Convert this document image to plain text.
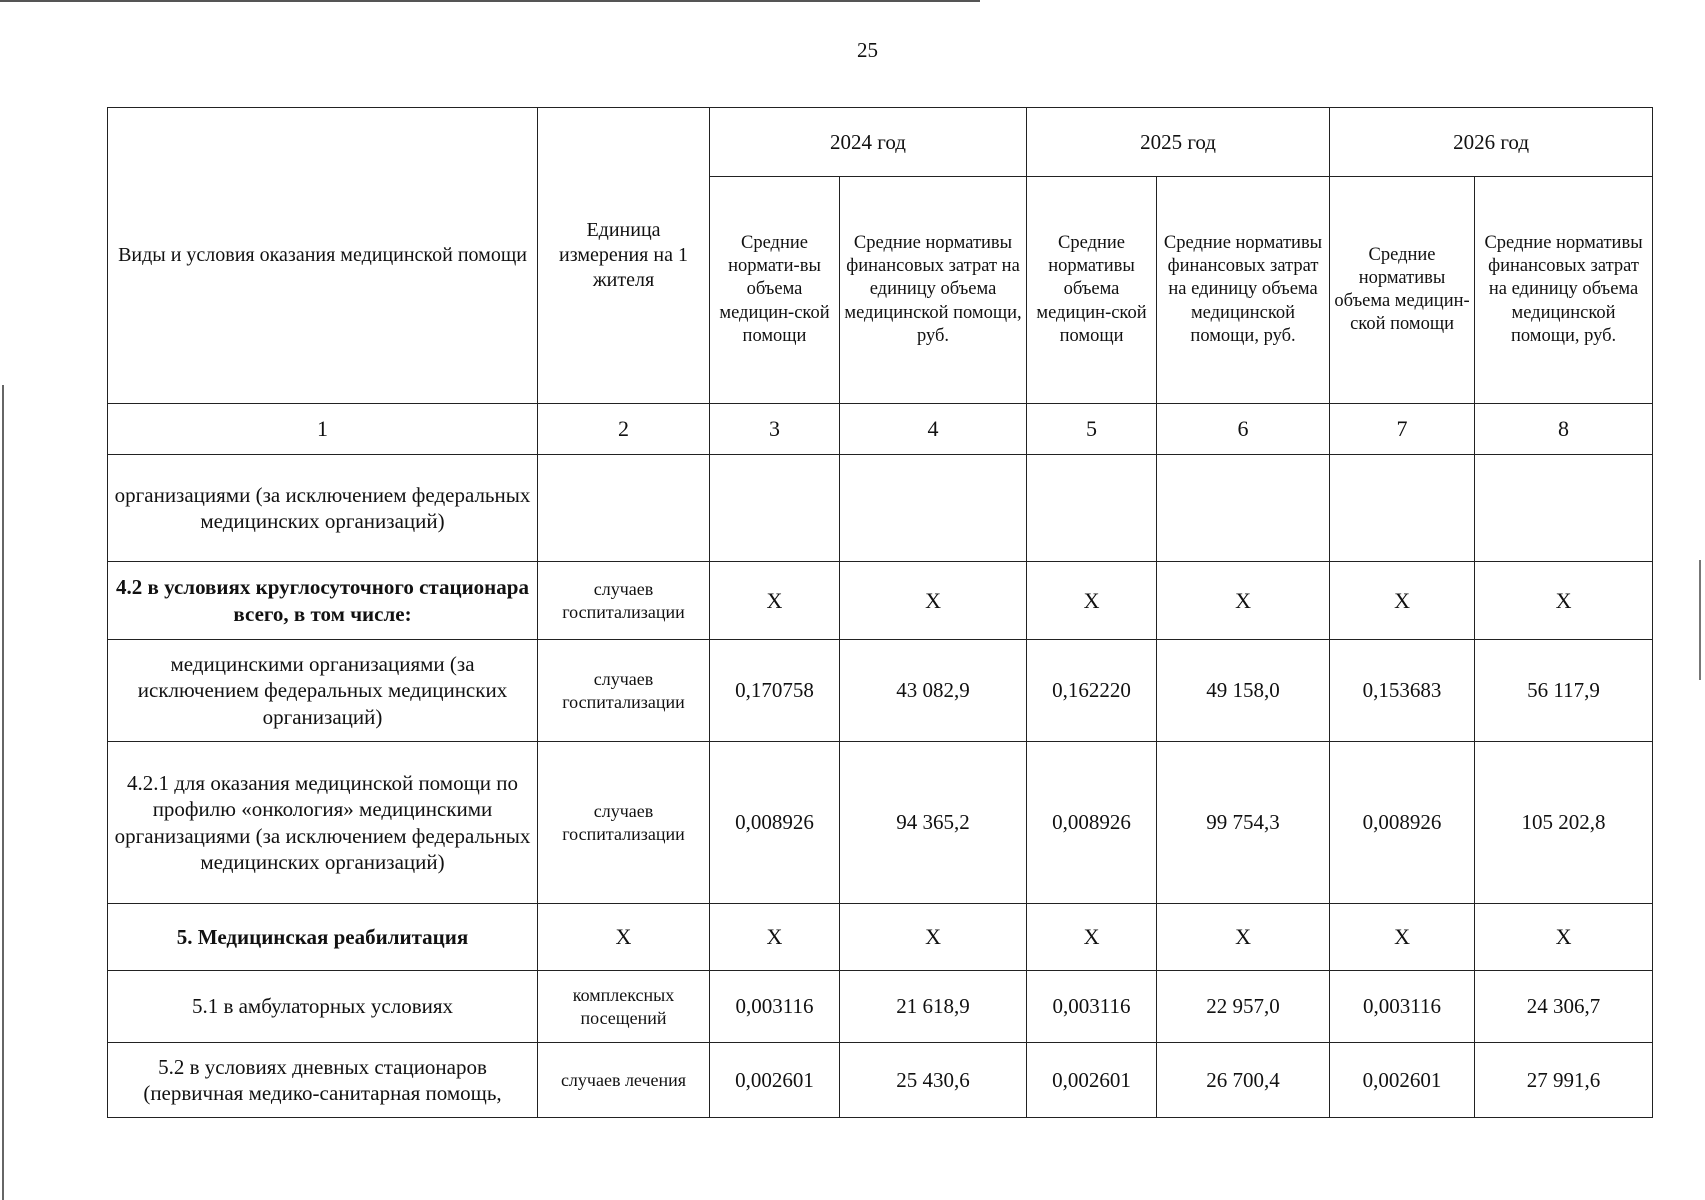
25
Виды и условия оказания медицинской помощи	Единица измерения на 1 жителя	2024 год		2025 год		2026 год	
		Средние нормати-вы объема медицин-ской помощи	Средние нормативы финансовых затрат на единицу объема медицинской помощи, руб.	Средние нормативы объема медицин-ской помощи	Средние нормативы финансовых затрат на единицу объема медицинской помощи, руб.	Средние нормативы объема медицин-ской помощи	Средние нормативы финансовых затрат на единицу объема медицинской помощи, руб.
1	2	3	4	5	6	7	8
организациями (за исключением федеральных медицинских организаций)							
4.2 в условиях круглосуточного стационара всего, в том числе:	случаев госпитализации	X	X	X	X	X	X
медицинскими организациями (за исключением федеральных медицинских организаций)	случаев госпитализации	0,170758	43 082,9	0,162220	49 158,0	0,153683	56 117,9
4.2.1 для оказания медицинской помощи по профилю «онкология» медицинскими организациями (за исключением федеральных медицинских организаций)	случаев госпитализации	0,008926	94 365,2	0,008926	99 754,3	0,008926	105 202,8
5. Медицинская реабилитация	X	X	X	X	X	X	X
5.1 в амбулаторных условиях	комплексных посещений	0,003116	21 618,9	0,003116	22 957,0	0,003116	24 306,7
5.2 в условиях дневных стационаров (первичная медико-санитарная помощь,	случаев лечения	0,002601	25 430,6	0,002601	26 700,4	0,002601	27 991,6
